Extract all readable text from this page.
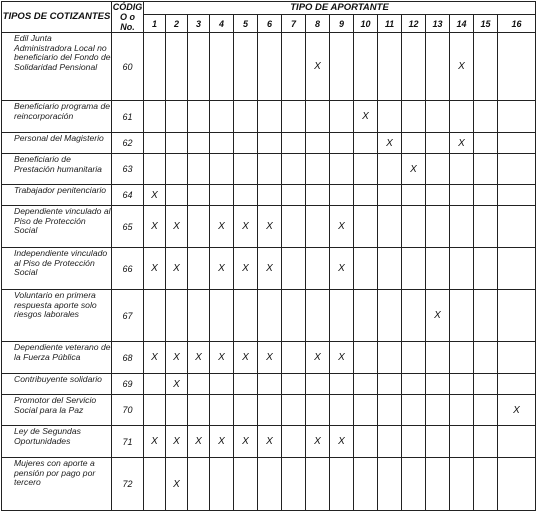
TIPOS DE COTIZANTES	CÓDIG O o No.	TIPO DE APORTANTE															
		1	2	3	4	5	6	7	8	9	10	11	12	13	14	15	16
Edil Junta Administradora Local no beneficiario del Fondo de Solidaridad Pensional	60								X						X		
Beneficiario programa de reincorporación	61										X						
Personal del Magisterio	62											X			X		
Beneficiario de Prestación humanitaria	63												X				
Trabajador penitenciario	64	X															
Dependiente vinculado al Piso de Protección Social	65	X	X		X	X	X			X							
Independiente vinculado al Piso de Protección Social	66	X	X		X	X	X			X							
Voluntario en primera respuesta aporte solo riesgos laborales	67													X			
Dependiente veterano de la Fuerza Pública	68	X	X	X	X	X	X		X	X							
Contribuyente solidario	69		X														
Promotor del Servicio Social para la Paz	70																X
Ley de Segundas Oportunidades	71	X	X	X	X	X	X		X	X							
Mujeres con aporte a pensión por pago por tercero	72		X														
